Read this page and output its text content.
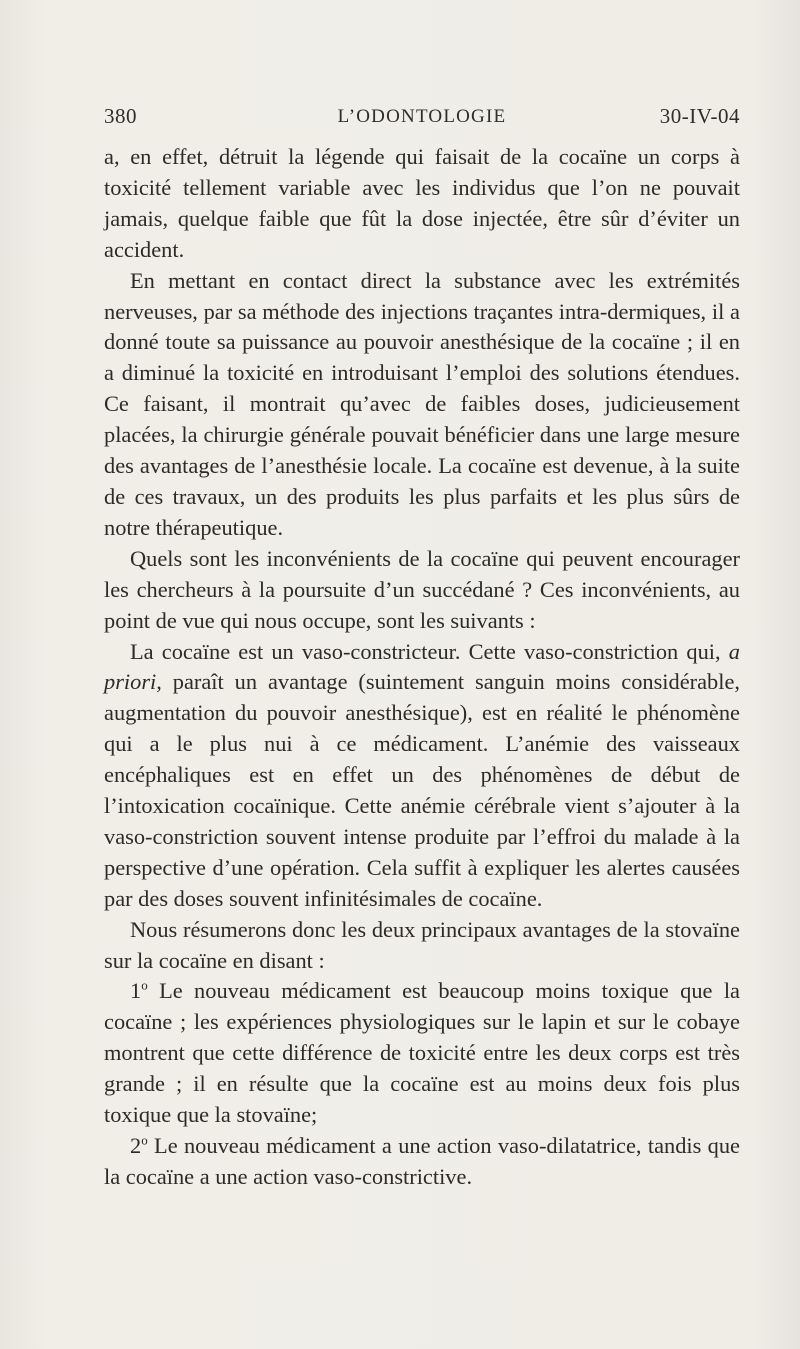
380	L’ODONTOLOGIE	30-IV-04

a, en effet, détruit la légende qui faisait de la cocaïne un corps à toxicité tellement variable avec les individus que l’on ne pouvait jamais, quelque faible que fût la dose injectée, être sûr d’éviter un accident.

En mettant en contact direct la substance avec les extrémités nerveuses, par sa méthode des injections traçantes intra-dermiques, il a donné toute sa puissance au pouvoir anesthésique de la cocaïne ; il en a diminué la toxicité en introduisant l’emploi des solutions étendues. Ce faisant, il montrait qu’avec de faibles doses, judicieusement placées, la chirurgie générale pouvait bénéficier dans une large mesure des avantages de l’anesthésie locale. La cocaïne est devenue, à la suite de ces travaux, un des produits les plus parfaits et les plus sûrs de notre thérapeutique.

Quels sont les inconvénients de la cocaïne qui peuvent encourager les chercheurs à la poursuite d’un succédané ? Ces inconvénients, au point de vue qui nous occupe, sont les suivants :

La cocaïne est un vaso-constricteur. Cette vaso-constriction qui, a priori, paraît un avantage (suintement sanguin moins considérable, augmentation du pouvoir anesthésique), est en réalité le phénomène qui a le plus nui à ce médicament. L’anémie des vaisseaux encéphaliques est en effet un des phénomènes de début de l’intoxication cocaïnique. Cette anémie cérébrale vient s’ajouter à la vaso-constriction souvent intense produite par l’effroi du malade à la perspective d’une opération. Cela suffit à expliquer les alertes causées par des doses souvent infinitésimales de cocaïne.

Nous résumerons donc les deux principaux avantages de la stovaïne sur la cocaïne en disant :

1$^o$ Le nouveau médicament est beaucoup moins toxique que la cocaïne ; les expériences physiologiques sur le lapin et sur le cobaye montrent que cette différence de toxicité entre les deux corps est très grande ; il en résulte que la cocaïne est au moins deux fois plus toxique que la stovaïne;

2$^o$ Le nouveau médicament a une action vaso-dilatatrice, tandis que la cocaïne a une action vaso-constrictive.
